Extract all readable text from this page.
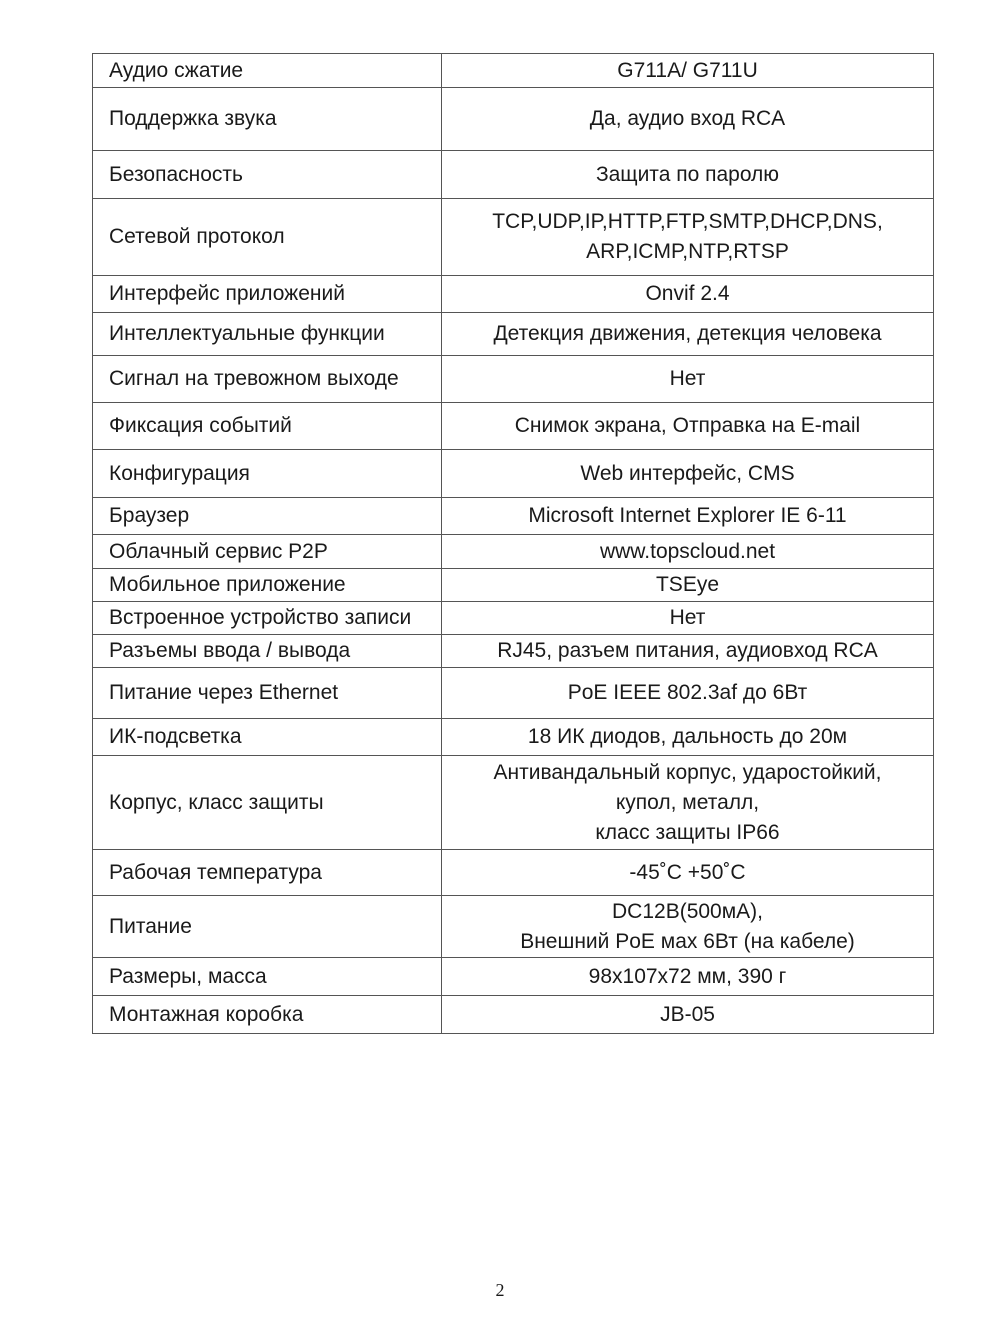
Аудио сжатие	G711A/ G711U

Поддержка звука	Да, аудио вход RCA

Безопасность	Защита по паролю

Сетевой протокол	TCP,UDP,IP,HTTP,FTP,SMTP,DHCP,DNS,
ARP,ICMP,NTP,RTSP

Интерфейс приложений	Onvif 2.4

Интеллектуальные функции	Детекция движения, детекция человека

Сигнал на тревожном выходе	Нет

Фиксация событий	Снимок экрана, Отправка на E-mail

Конфигурация	Web интерфейс, CMS

Браузер	Microsoft Internet Explorer IE 6-11

Облачный сервис P2P	www.topscloud.net

Мобильное приложение	TSEye

Встроенное устройство записи	Нет

Разъемы ввода / вывода	RJ45, разъем питания, аудиовход RCA

Питание через Ethernet	PoE IEEE 802.3af до 6Вт

ИК-подсветка	18 ИК диодов, дальность до 20м

Корпус, класс защиты	Антивандальный корпус, ударостойкий,
купол, металл,
класс защиты IP66

Рабочая температура	-45˚C +50˚C

Питание	DC12В(500мА),
Внешний PoE мах 6Вт (на кабеле)

Размеры, масса	98x107x72 мм, 390 г

Монтажная коробка	JB-05
2
